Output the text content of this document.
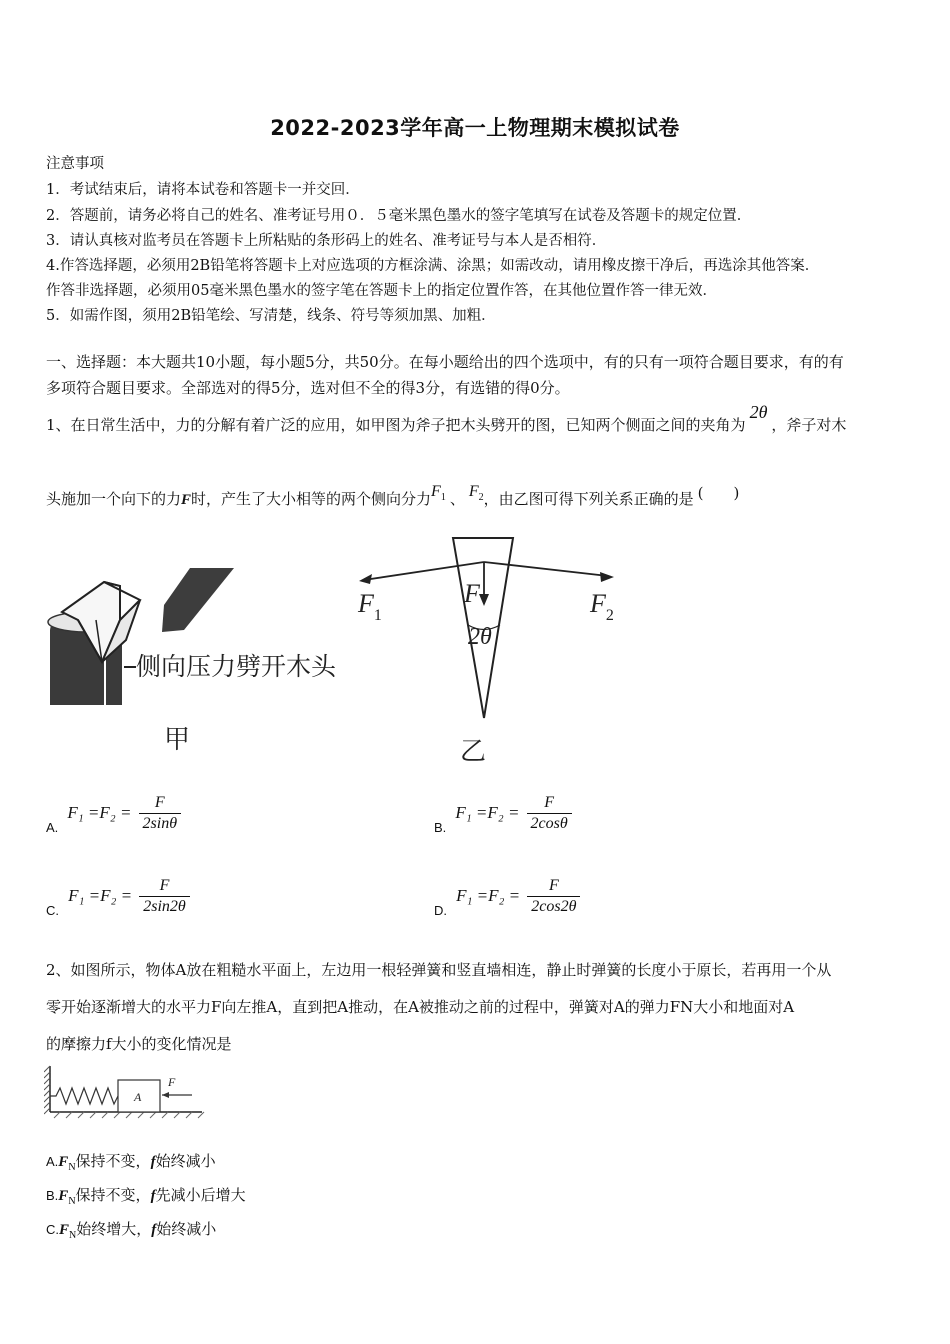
2022-2023学年高一上物理期末模拟试卷
注意事项
1．考试结束后，请将本试卷和答题卡一并交回．
2．答题前，请务必将自己的姓名、准考证号用０．５毫米黑色墨水的签字笔填写在试卷及答题卡的规定位置．
3．请认真核对监考员在答题卡上所粘贴的条形码上的姓名、准考证号与本人是否相符．
4.作答选择题，必须用2B铅笔将答题卡上对应选项的方框涂满、涂黑；如需改动，请用橡皮擦干净后，再选涂其他答案．
作答非选择题，必须用05毫米黑色墨水的签字笔在答题卡上的指定位置作答，在其他位置作答一律无效．
5．如需作图，须用2B铅笔绘、写清楚，线条、符号等须加黑、加粗．
一、选择题：本大题共10小题，每小题5分，共50分。在每小题给出的四个选项中，有的只有一项符合题目要求，有的有
多项符合题目要求。全部选对的得5分，选对但不全的得3分，有选错的得0分。
1、在日常生活中，力的分解有着广泛的应用，如甲图为斧子把木头劈开的图，已知两个侧面之间的夹角为2θ，斧子对木
头施加一个向下的力F时，产生了大小相等的两个侧向分力$F_1$ 、 $F_2$，由乙图可得下列关系正确的是 (　　)
侧向压力劈开木头
甲
$F_1$
F	$F_2$
2θ
乙
$_{A.}$ $F_1 =F_2 = \frac{F}{2\sin\theta}$	$_{B.}$ $F_1 =F_2 = \frac{F}{2\cos\theta}$
$_{C.}$ $F_1 =F_2 = \frac{F}{2\sin 2\theta}$	$_{D.}$ $F_1 =F_2 = \frac{F}{2\cos 2\theta}$
2、如图所示，物体A放在粗糙水平面上，左边用一根轻弹簧和竖直墙相连，静止时弹簧的长度小于原长，若再用一个从
零开始逐渐增大的水平力F向左推A，直到把A推动，在A被推动之前的过程中，弹簧对A的弹力FN大小和地面对A
的摩擦力f大小的变化情况是
A
F
$A.F_N$保持不变，f始终减小
$B.F_N$保持不变，f先减小后增大
$C.F_N$始终增大，f始终减小
